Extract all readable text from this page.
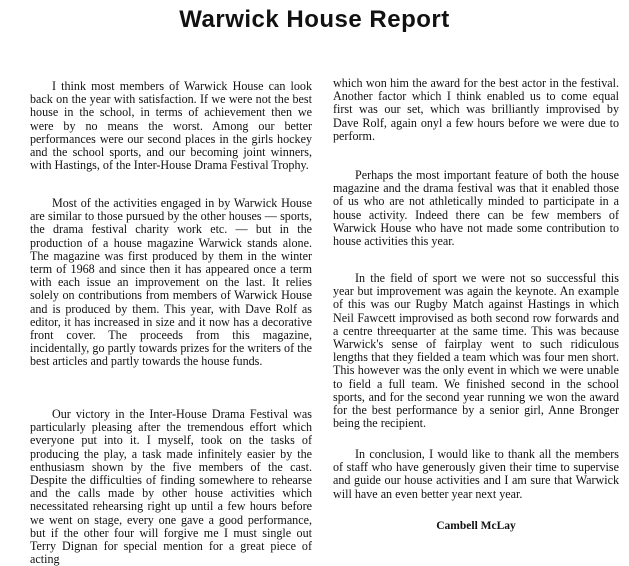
Warwick House Report

I think most members of Warwick House can look back on the year with satisfaction. If we were not the best house in the school, in terms of achievement then we were by no means the worst. Among our better performances were our second places in the girls hockey and the school sports, and our becoming joint winners, with Hastings, of the Inter-House Drama Festival Trophy.

Most of the activities engaged in by Warwick House are similar to those pursued by the other houses — sports, the drama festival charity work etc. — but in the production of a house magazine Warwick stands alone. The magazine was first produced by them in the winter term of 1968 and since then it has appeared once a term with each issue an improvement on the last. It relies solely on contributions from members of Warwick House and is produced by them. This year, with Dave Rolf as editor, it has increased in size and it now has a decorative front cover. The proceeds from this magazine, incidentally, go partly towards prizes for the writers of the best articles and partly towards the house funds.

Our victory in the Inter-House Drama Festival was particularly pleasing after the tremendous effort which everyone put into it. I myself, took on the tasks of producing the play, a task made infinitely easier by the enthusiasm shown by the five members of the cast. Despite the difficulties of finding somewhere to rehearse and the calls made by other house activities which necessitated rehearsing right up until a few hours before we went on stage, every one gave a good performance, but if the other four will forgive me I must single out Terry Dignan for special mention for a great piece of acting

which won him the award for the best actor in the festival. Another factor which I think enabled us to come equal first was our set, which was brilliantly improvised by Dave Rolf, again onyl a few hours before we were due to perform.

Perhaps the most important feature of both the house magazine and the drama festival was that it enabled those of us who are not athletically minded to participate in a house activity. Indeed there can be few members of Warwick House who have not made some contribution to house activities this year.

In the field of sport we were not so successful this year but improvement was again the keynote. An example of this was our Rugby Match against Hastings in which Neil Fawcett improvised as both second row forwards and a centre threequarter at the same time. This was because Warwick's sense of fairplay went to such ridiculous lengths that they fielded a team which was four men short. This however was the only event in which we were unable to field a full team. We finished second in the school sports, and for the second year running we won the award for the best performance by a senior girl, Anne Bronger being the recipient.

In conclusion, I would like to thank all the members of staff who have generously given their time to supervise and guide our house activities and I am sure that Warwick will have an even better year next year.

Cambell McLay
